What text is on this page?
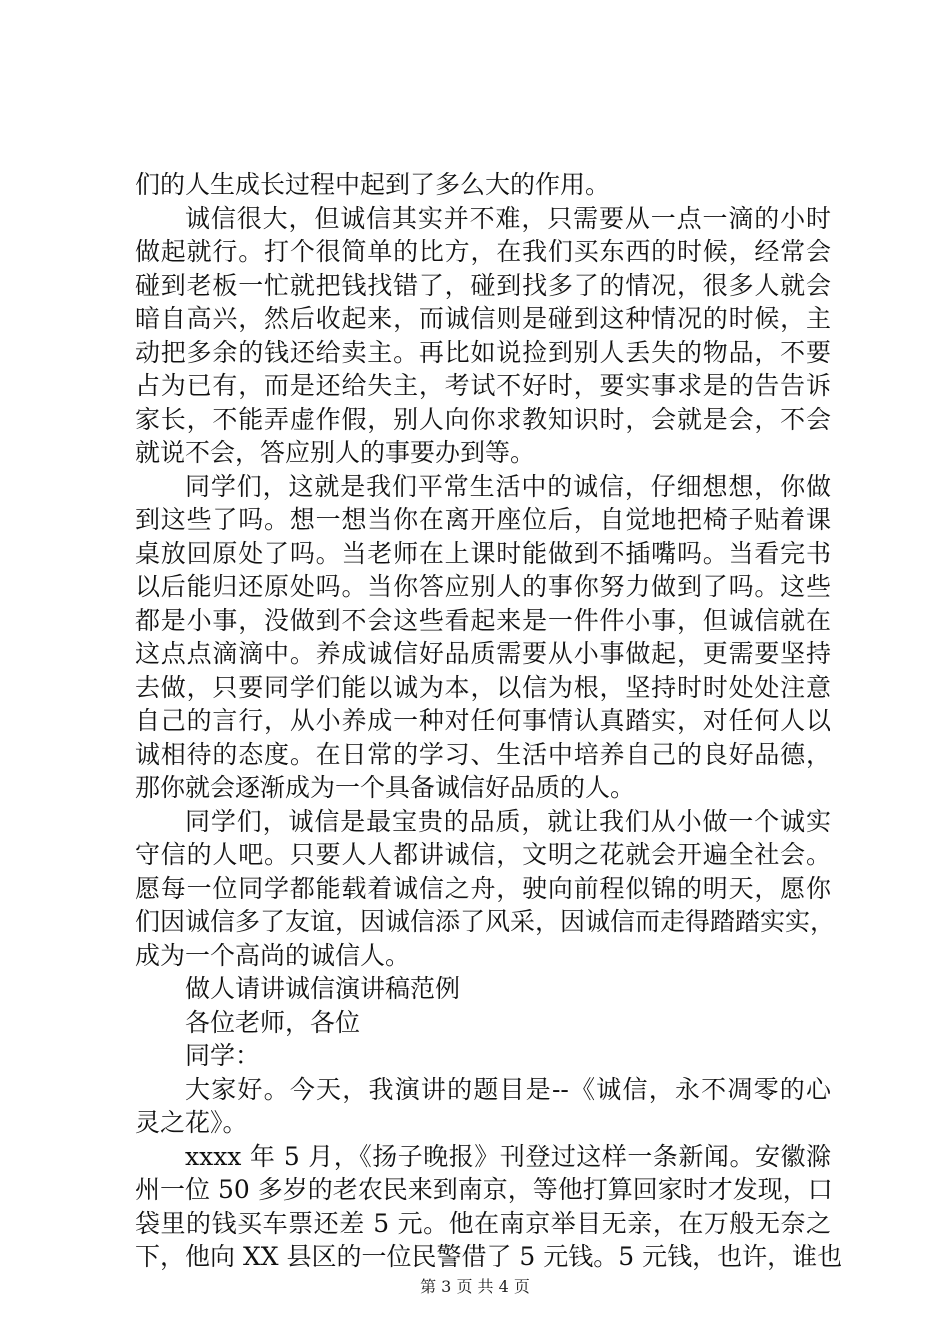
们的人生成长过程中起到了多么大的作用。
诚信很大，但诚信其实并不难，只需要从一点一滴的小时
做起就行。打个很简单的比方，在我们买东西的时候，经常会
碰到老板一忙就把钱找错了，碰到找多了的情况，很多人就会
暗自高兴，然后收起来，而诚信则是碰到这种情况的时候，主
动把多余的钱还给卖主。再比如说捡到别人丢失的物品，不要
占为已有，而是还给失主，考试不好时，要实事求是的告告诉
家长，不能弄虚作假，别人向你求教知识时，会就是会，不会
就说不会，答应别人的事要办到等。
同学们，这就是我们平常生活中的诚信，仔细想想，你做
到这些了吗。想一想当你在离开座位后，自觉地把椅子贴着课
桌放回原处了吗。当老师在上课时能做到不插嘴吗。当看完书
以后能归还原处吗。当你答应别人的事你努力做到了吗。这些
都是小事，没做到不会这些看起来是一件件小事，但诚信就在
这点点滴滴中。养成诚信好品质需要从小事做起，更需要坚持
去做，只要同学们能以诚为本，以信为根，坚持时时处处注意
自己的言行，从小养成一种对任何事情认真踏实，对任何人以
诚相待的态度。在日常的学习、生活中培养自己的良好品德，
那你就会逐渐成为一个具备诚信好品质的人。
同学们，诚信是最宝贵的品质，就让我们从小做一个诚实
守信的人吧。只要人人都讲诚信，文明之花就会开遍全社会。
愿每一位同学都能载着诚信之舟，驶向前程似锦的明天，愿你
们因诚信多了友谊，因诚信添了风采，因诚信而走得踏踏实实，
成为一个高尚的诚信人。
做人请讲诚信演讲稿范例
各位老师，各位
同学：
大家好。今天，我演讲的题目是--《诚信，永不凋零的心
灵之花》。
xxxx 年 5 月，《扬子晚报》刊登过这样一条新闻。安徽滁
州一位 50 多岁的老农民来到南京，等他打算回家时才发现，口
袋里的钱买车票还差 5 元。他在南京举目无亲，在万般无奈之
下，他向 XX 县区的一位民警借了 5 元钱。5 元钱，也许，谁也
第 3 页 共 4 页
